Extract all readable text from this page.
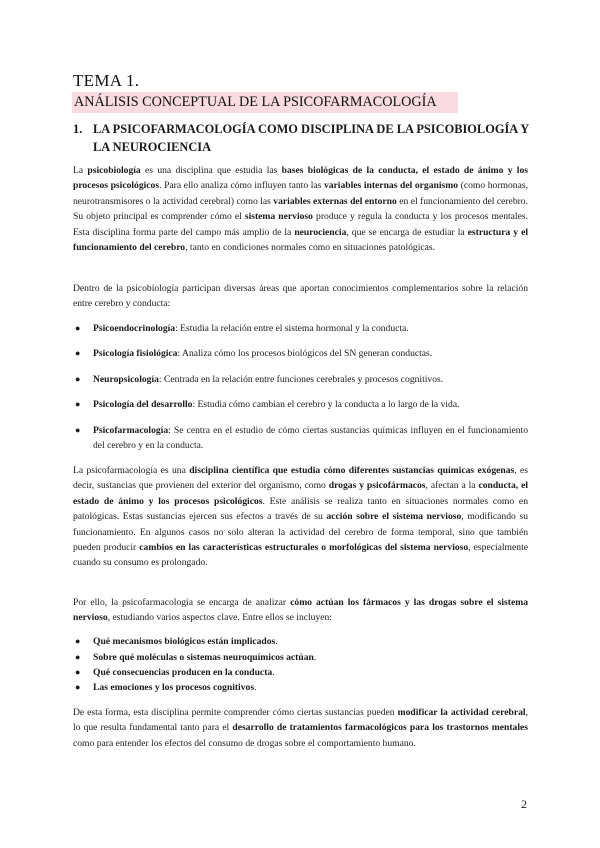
TEMA 1.
ANÁLISIS CONCEPTUAL DE LA PSICOFARMACOLOGÍA
1. LA PSICOFARMACOLOGÍA COMO DISCIPLINA DE LA PSICOBIOLOGÍA Y LA NEUROCIENCIA

La psicobiología es una disciplina que estudia las bases biológicas de la conducta, el estado de ánimo y los procesos psicológicos. Para ello analiza cómo influyen tanto las variables internas del organismo (como hormonas, neurotransmisores o la actividad cerebral) como las variables externas del entorno en el funcionamiento del cerebro. Su objeto principal es comprender cómo el sistema nervioso produce y regula la conducta y los procesos mentales. Esta disciplina forma parte del campo más amplio de la neurociencia, que se encarga de estudiar la estructura y el funcionamiento del cerebro, tanto en condiciones normales como en situaciones patológicas.

Dentro de la psicobiología participan diversas áreas que aportan conocimientos complementarios sobre la relación entre cerebro y conducta:

● Psicoendocrinología: Estudia la relación entre el sistema hormonal y la conducta.
● Psicología fisiológica: Analiza cómo los procesos biológicos del SN generan conductas.
● Neuropsicología: Centrada en la relación entre funciones cerebrales y procesos cognitivos.
● Psicología del desarrollo: Estudia cómo cambian el cerebro y la conducta a lo largo de la vida.
● Psicofarmacología: Se centra en el estudio de cómo ciertas sustancias químicas influyen en el funcionamiento del cerebro y en la conducta.

La psicofarmacología es una disciplina científica que estudia cómo diferentes sustancias químicas exógenas, es decir, sustancias que provienen del exterior del organismo, como drogas y psicofármacos, afectan a la conducta, el estado de ánimo y los procesos psicológicos. Este análisis se realiza tanto en situaciones normales como en patológicas. Estas sustancias ejercen sus efectos a través de su acción sobre el sistema nervioso, modificando su funcionamiento. En algunos casos no solo alteran la actividad del cerebro de forma temporal, sino que también pueden producir cambios en las características estructurales o morfológicas del sistema nervioso, especialmente cuando su consumo es prolongado.

Por ello, la psicofarmacología se encarga de analizar cómo actúan los fármacos y las drogas sobre el sistema nervioso, estudiando varios aspectos clave. Entre ellos se incluyen:

● Qué mecanismos biológicos están implicados.
● Sobre qué moléculas o sistemas neuroquímicos actúan.
● Qué consecuencias producen en la conducta.
● Las emociones y los procesos cognitivos.

De esta forma, esta disciplina permite comprender cómo ciertas sustancias pueden modificar la actividad cerebral, lo que resulta fundamental tanto para el desarrollo de tratamientos farmacológicos para los trastornos mentales como para entender los efectos del consumo de drogas sobre el comportamiento humano.

2
